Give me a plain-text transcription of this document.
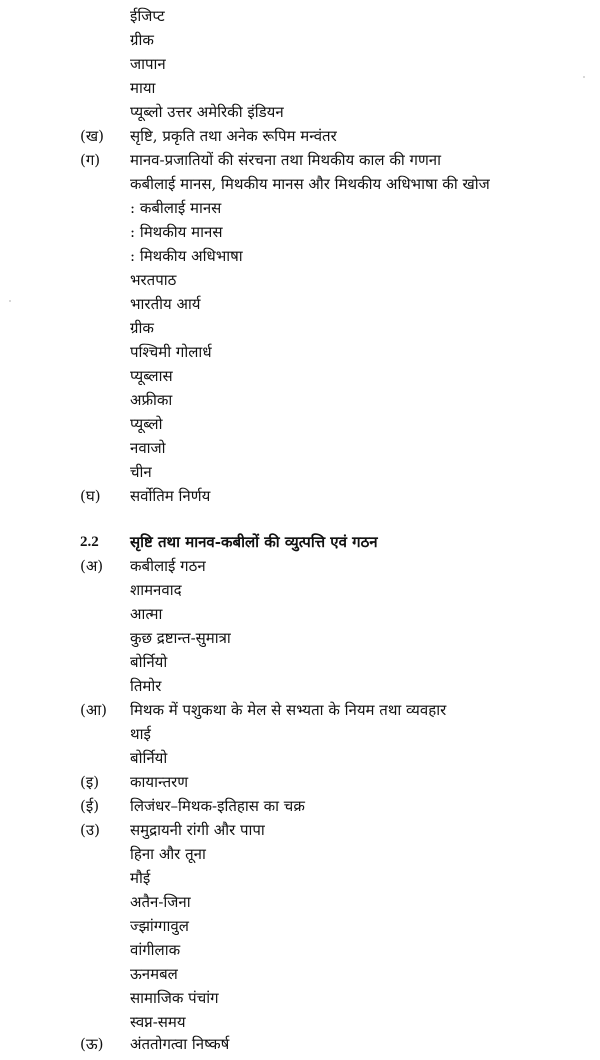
ईजिप्ट
ग्रीक
जापान
माया
प्यूब्लो उत्तर अमेरिकी इंडियन
(ख) सृष्टि, प्रकृति तथा अनेक रूपिम मन्वंतर
(ग) मानव-प्रजातियों की संरचना तथा मिथकीय काल की गणना
कबीलाई मानस, मिथकीय मानस और मिथकीय अधिभाषा की खोज
: कबीलाई मानस
: मिथकीय मानस
: मिथकीय अधिभाषा
भरतपाठ
भारतीय आर्य
ग्रीक
पश्चिमी गोलार्ध
प्यूब्लास
अफ्रीका
प्यूब्लो
नवाजो
चीन
(घ) सर्वोतिम निर्णय
2.2 सृष्टि तथा मानव-कबीलों की व्युत्पत्ति एवं गठन
(अ) कबीलाई गठन
शामनवाद
आत्मा
कुछ द्रष्टान्त-सुमात्रा
बोर्नियो
तिमोर
(आ) मिथक में पशुकथा के मेल से सभ्यता के नियम तथा व्यवहार
थाई
बोर्नियो
(इ) कायान्तरण
(ई) लिजंधर–मिथक-इतिहास का चक्र
(उ) समुद्रायनी रांगी और पापा
हिना और तूना
मौई
अतैन-जिना
ज्झांग्गावुल
वांगीलाक
ऊनमबल
सामाजिक पंचांग
स्वप्न-समय
(ऊ) अंततोगत्वा निष्कर्ष
